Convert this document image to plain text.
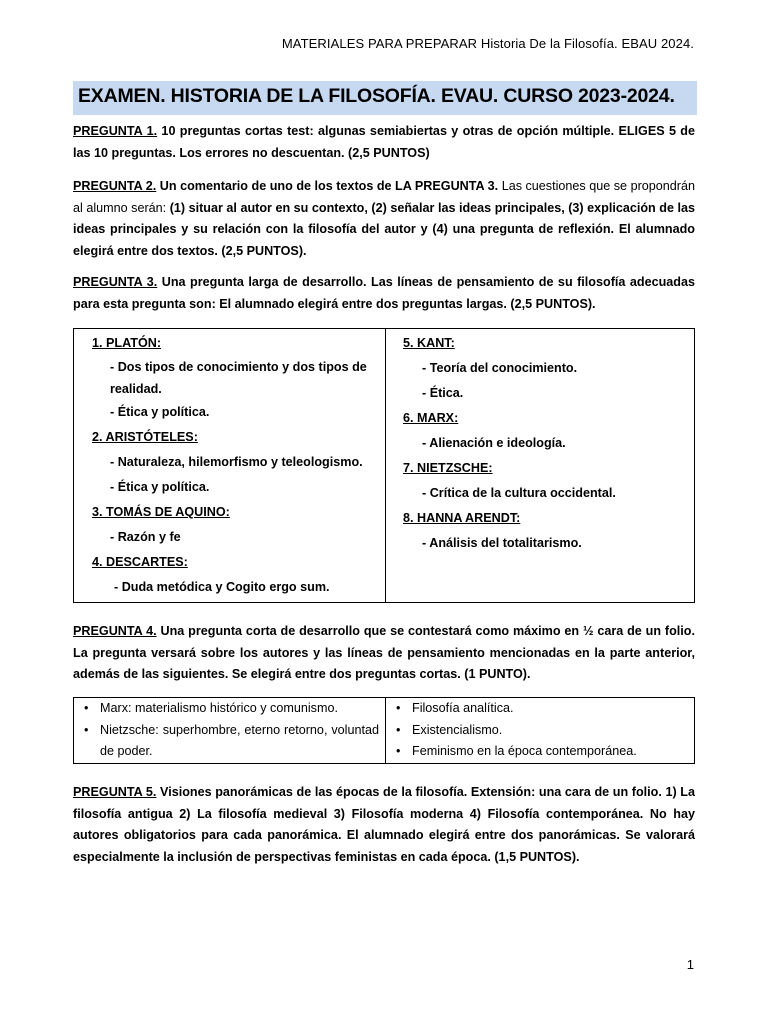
MATERIALES PARA PREPARAR Historia De la Filosofía. EBAU 2024.
EXAMEN. HISTORIA DE LA FILOSOFÍA. EVAU. CURSO 2023-2024.
PREGUNTA 1. 10 preguntas cortas test: algunas semiabiertas y otras de opción múltiple. ELIGES 5 de las 10 preguntas. Los errores no descuentan. (2,5 PUNTOS)
PREGUNTA 2. Un comentario de uno de los textos de LA PREGUNTA 3. Las cuestiones que se propondrán al alumno serán: (1) situar al autor en su contexto, (2) señalar las ideas principales, (3) explicación de las ideas principales y su relación con la filosofía del autor y (4) una pregunta de reflexión. El alumnado elegirá entre dos textos. (2,5 PUNTOS).
PREGUNTA 3. Una pregunta larga de desarrollo. Las líneas de pensamiento de su filosofía adecuadas para esta pregunta son: El alumnado elegirá entre dos preguntas largas. (2,5 PUNTOS).
1. PLATÓN:
- Dos tipos de conocimiento y dos tipos de
realidad.
- Ética y política.
2. ARISTÓTELES:
- Naturaleza, hilemorfismo y teleologismo.
- Ética y política.
3. TOMÁS DE AQUINO:
- Razón y fe
4. DESCARTES:
- Duda metódica y Cogito ergo sum.

5. KANT:
- Teoría del conocimiento.
- Ética.
6. MARX:
- Alienación e ideología.
7. NIETZSCHE:
- Crítica de la cultura occidental.
8. HANNA ARENDT:
- Análisis del totalitarismo.
PREGUNTA 4. Una pregunta corta de desarrollo que se contestará como máximo en ½ cara de un folio. La pregunta versará sobre los autores y las líneas de pensamiento mencionadas en la parte anterior, además de las siguientes. Se elegirá entre dos preguntas cortas. (1 PUNTO).
• Marx: materialismo histórico y comunismo.
• Nietzsche: superhombre, eterno retorno, voluntad de poder.

• Filosofía analítica.
• Existencialismo.
• Feminismo en la época contemporánea.
PREGUNTA 5. Visiones panorámicas de las épocas de la filosofía. Extensión: una cara de un folio. 1) La filosofía antigua 2) La filosofía medieval 3) Filosofía moderna 4) Filosofía contemporánea. No hay autores obligatorios para cada panorámica. El alumnado elegirá entre dos panorámicas. Se valorará especialmente la inclusión de perspectivas feministas en cada época. (1,5 PUNTOS).
1
